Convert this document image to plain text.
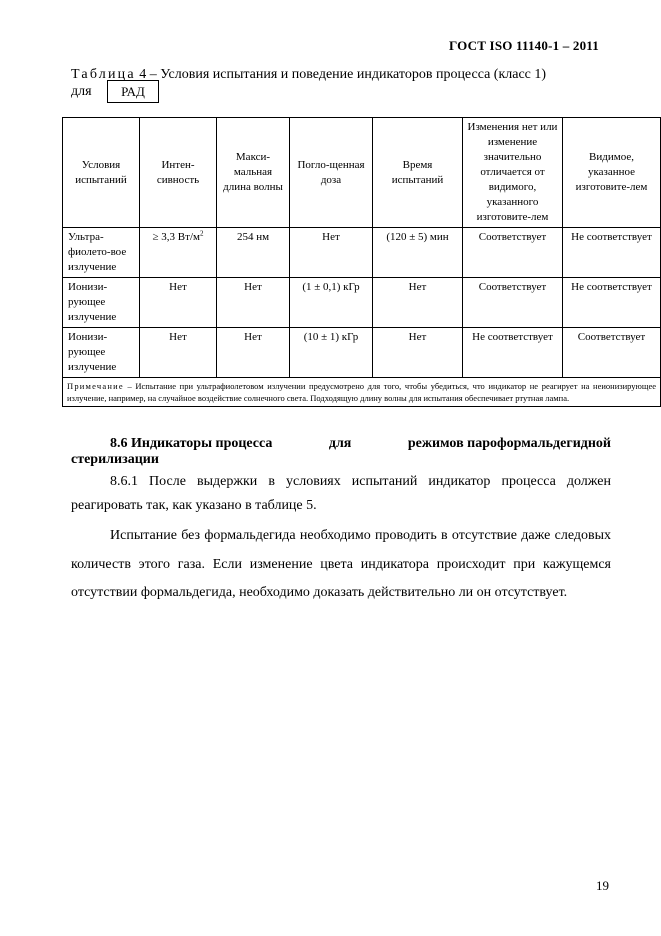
ГОСТ ISO 11140-1 – 2011
Таблица 4 – Условия испытания и поведение индикаторов процесса (класс 1)
для	РАД
Условия испытаний	Интен-сивность	Макси-мальная длина волны	Погло-щенная доза	Время испытаний	Изменения нет или изменение значительно отличается от видимого, указанного изготовите-лем	Видимое, указанное изготовите-лем
Ультра-фиолето-вое излучение	≥ 3,3 $Вт/м^2$	254 нм	Нет	(120 ± 5) мин	Соответствует	Не соответствует
Ионизи-рующее излучение	Нет	Нет	(1 ± 0,1) кГр	Нет	Соответствует	Не соответствует
Ионизи-рующее излучение	Нет	Нет	(10 ± 1) кГр	Нет	Не соответствует	Соответствует
Примечание – Испытание при ультрафиолетовом излучении предусмотрено для того, чтобы убедиться, что индикатор не реагирует на неионизирующее излучение, например, на случайное воздействие солнечного света. Подходящую длину волны для испытания обеспечивает ртутная лампа.						
8.6 Индикаторы процесса	для	режимов пароформальдегидной
стерилизации
8.6.1 После выдержки в условиях испытаний индикатор процесса должен реагировать так, как указано в таблице 5.
Испытание без формальдегида необходимо проводить в отсутствие даже следовых количеств этого газа. Если изменение цвета индикатора происходит при кажущемся отсутствии формальдегида, необходимо доказать действительно ли он отсутствует.
19
